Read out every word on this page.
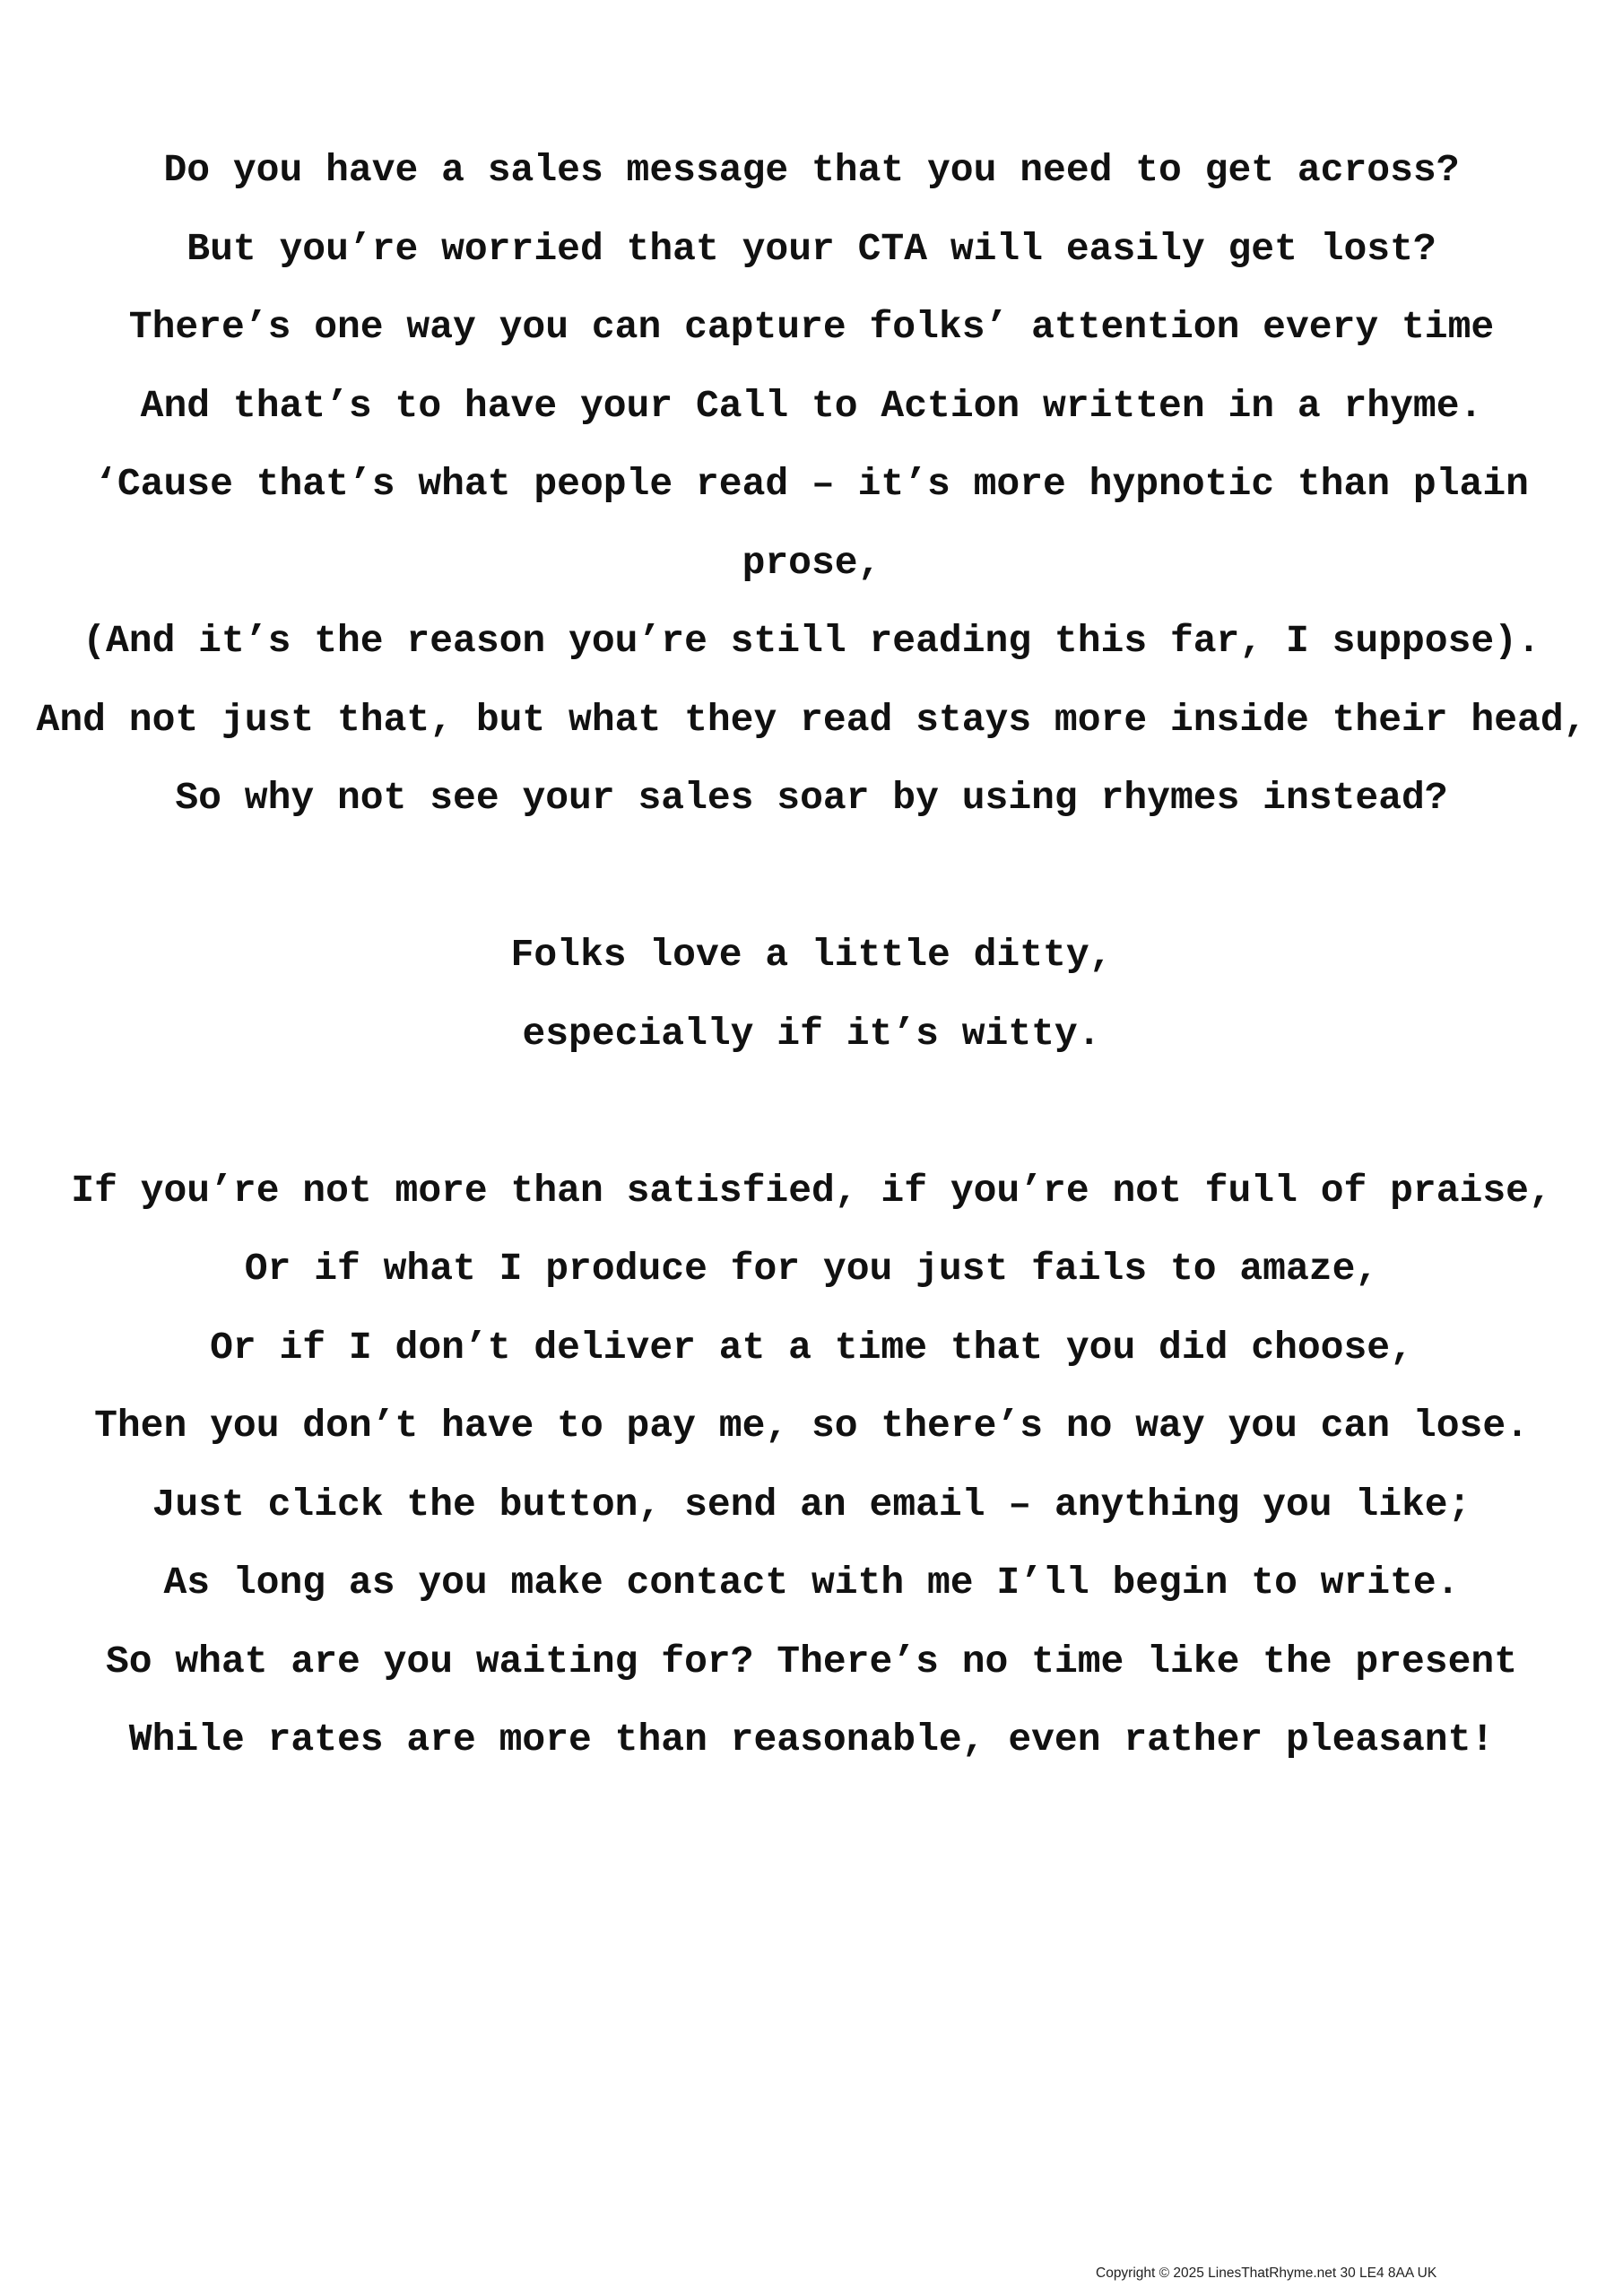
Do you have a sales message that you need to get across?
But you’re worried that your CTA will easily get lost?
There’s one way you can capture folks’ attention every time
And that’s to have your Call to Action written in a rhyme.
‘Cause that’s what people read – it’s more hypnotic than plain prose,
(And it’s the reason you’re still reading this far, I suppose).
And not just that, but what they read stays more inside their head,
So why not see your sales soar by using rhymes instead?
Folks love a little ditty,
especially if it’s witty.
If you’re not more than satisfied, if you’re not full of praise,
Or if what I produce for you just fails to amaze,
Or if I don’t deliver at a time that you did choose,
Then you don’t have to pay me, so there’s no way you can lose.
Just click the button, send an email – anything you like;
As long as you make contact with me I’ll begin to write.
So what are you waiting for? There’s no time like the present
While rates are more than reasonable, even rather pleasant!
Copyright © 2025 LinesThatRhyme.net 30 LE4 8AA UK
